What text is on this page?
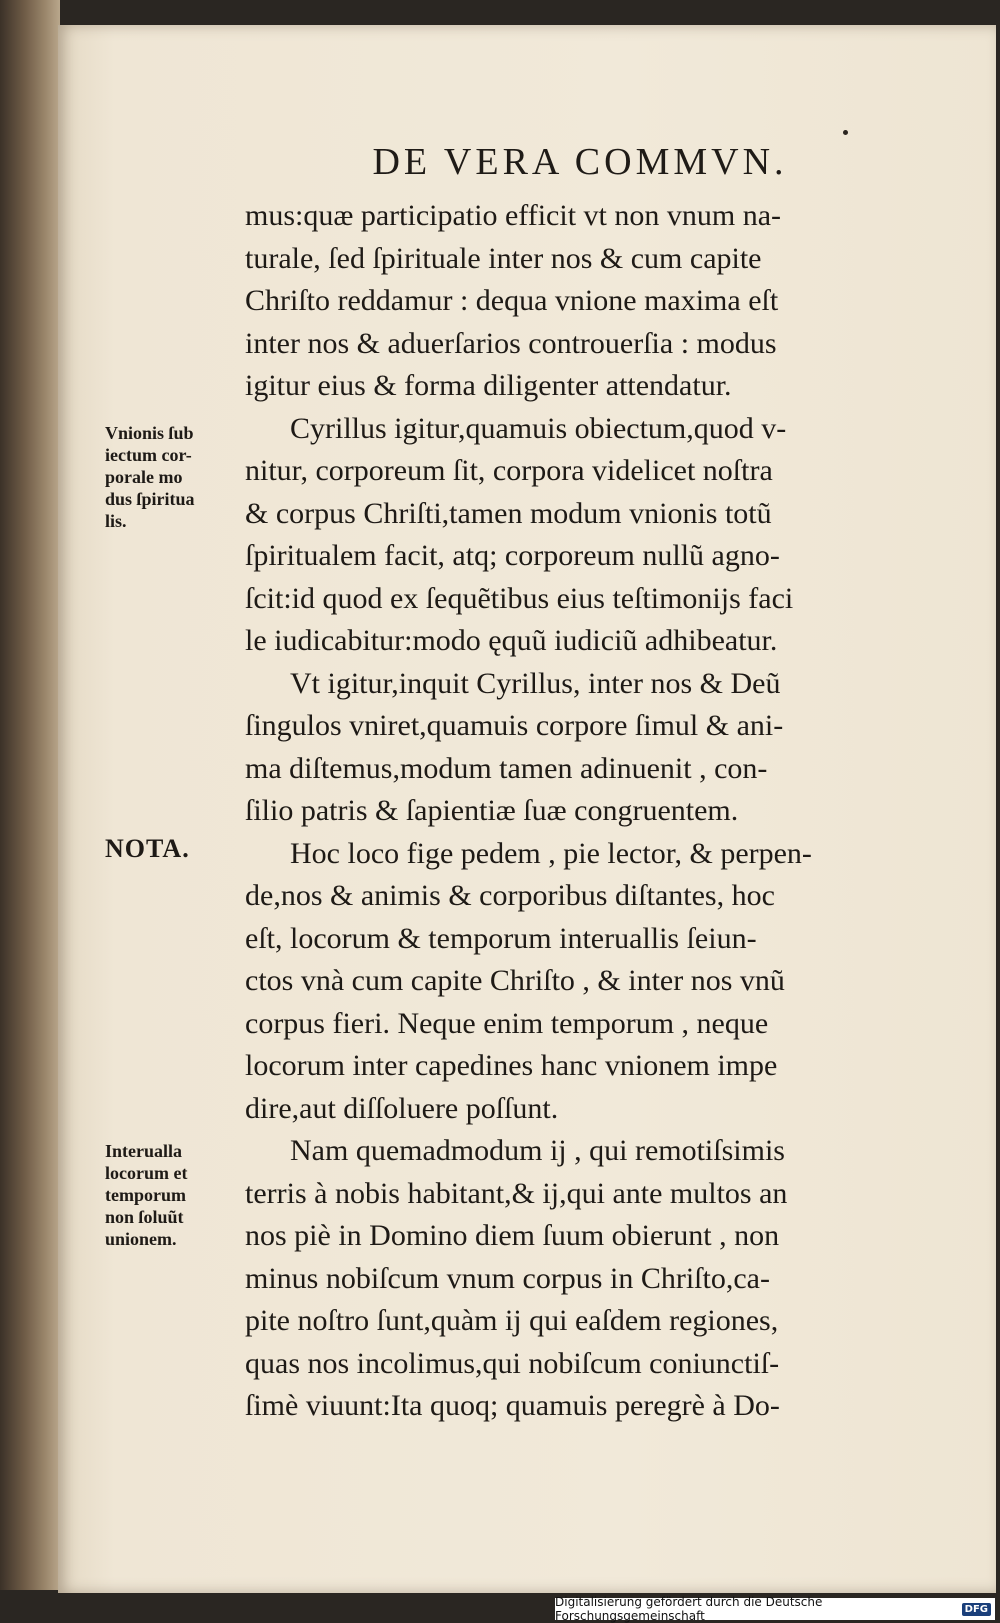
DE VERA COMMVN.
mus:quæ participatio efficit vt non vnum na-
turale, ſed ſpirituale inter nos & cum capite
Chriſto reddamur : dequa vnione maxima eſt
inter nos & aduerſarios controuerſia : modus
igitur eius & forma diligenter attendatur.
Cyrillus igitur,quamuis obiectum,quod v-
nitur, corporeum ſit, corpora videlicet noſtra
& corpus Chriſti,tamen modum vnionis totũ
ſpiritualem facit, atq; corporeum nullũ agno-
ſcit:id quod ex ſequẽtibus eius teſtimonijs faci
le iudicabitur:modo ęquũ iudiciũ adhibeatur.
Vt igitur,inquit Cyrillus, inter nos & Deũ
ſingulos vniret,quamuis corpore ſimul & ani-
ma diſtemus,modum tamen adinuenit , con-
ſilio patris & ſapientiæ ſuæ congruentem.
Hoc loco fige pedem , pie lector, & perpen-
de,nos & animis & corporibus diſtantes, hoc
eſt, locorum & temporum interuallis ſeiun-
ctos vnà cum capite Chriſto , & inter nos vnũ
corpus fieri. Neque enim temporum , neque
locorum inter capedines hanc vnionem impe
dire,aut diſſoluere poſſunt.
Nam quemadmodum ij , qui remotiſsimis
terris à nobis habitant,& ij,qui ante multos an
nos piè in Domino diem ſuum obierunt , non
minus nobiſcum vnum corpus in Chriſto,ca-
pite noſtro ſunt,quàm ij qui eaſdem regiones,
quas nos incolimus,qui nobiſcum coniunctiſ-
ſimè viuunt:Ita quoq; quamuis peregrè à Do-
Vnionis ſub
iectum cor-
porale mo
dus ſpiritua
lis.
NOTA.
Interualla
locorum et
temporum
non ſoluũt
unionem.
Digitalisierung gefördert durch die Deutsche Forschungsgemeinschaft	DFG
